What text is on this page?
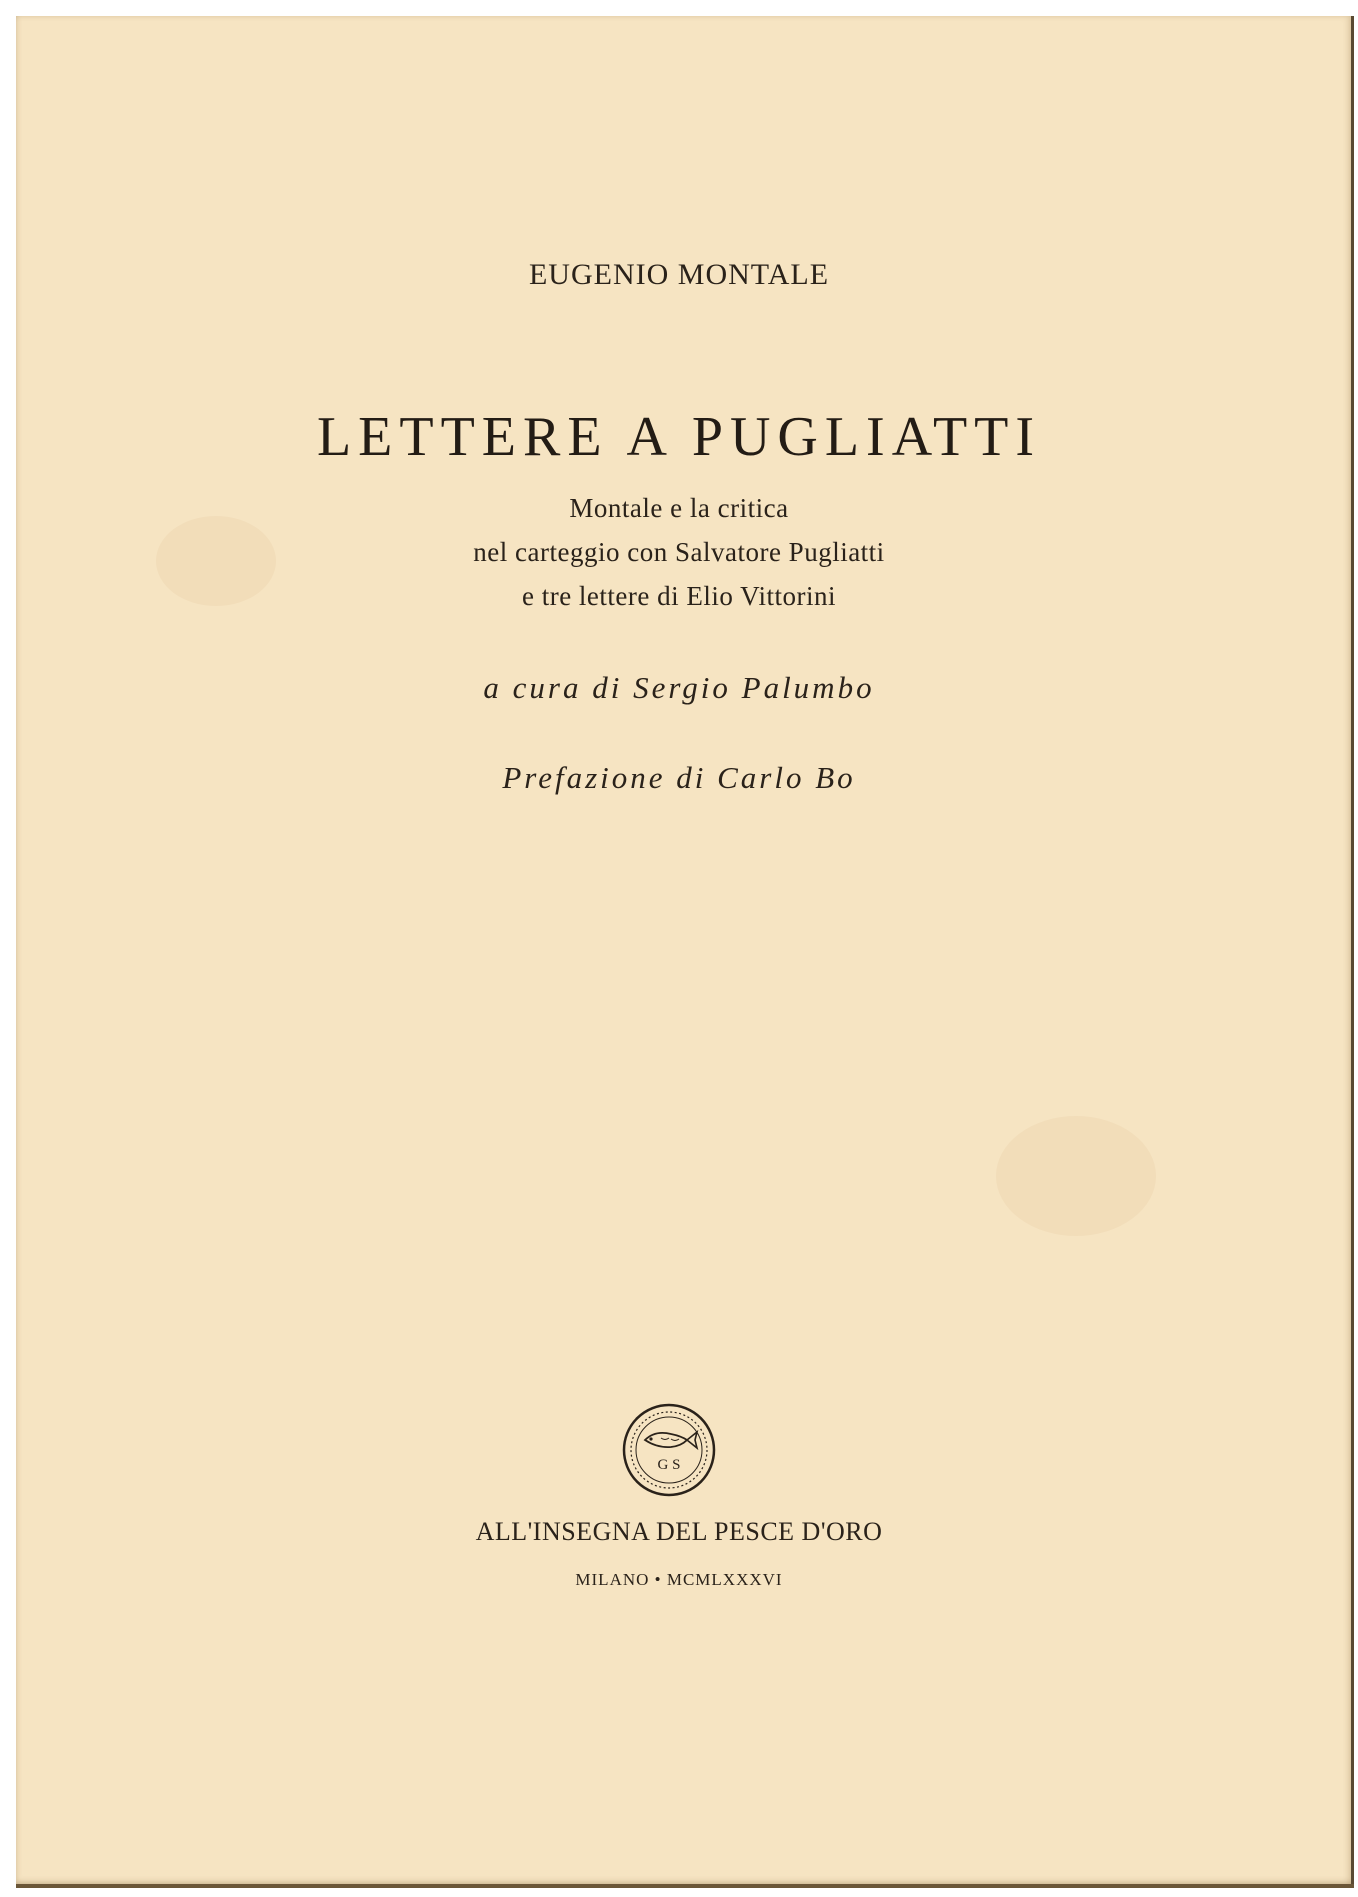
EUGENIO MONTALE
LETTERE A PUGLIATTI
Montale e la critica
nel carteggio con Salvatore Pugliatti
e tre lettere di Elio Vittorini
a cura di Sergio Palumbo
Prefazione di Carlo Bo
G S
ALL'INSEGNA DEL PESCE D'ORO
MILANO • MCMLXXXVI
